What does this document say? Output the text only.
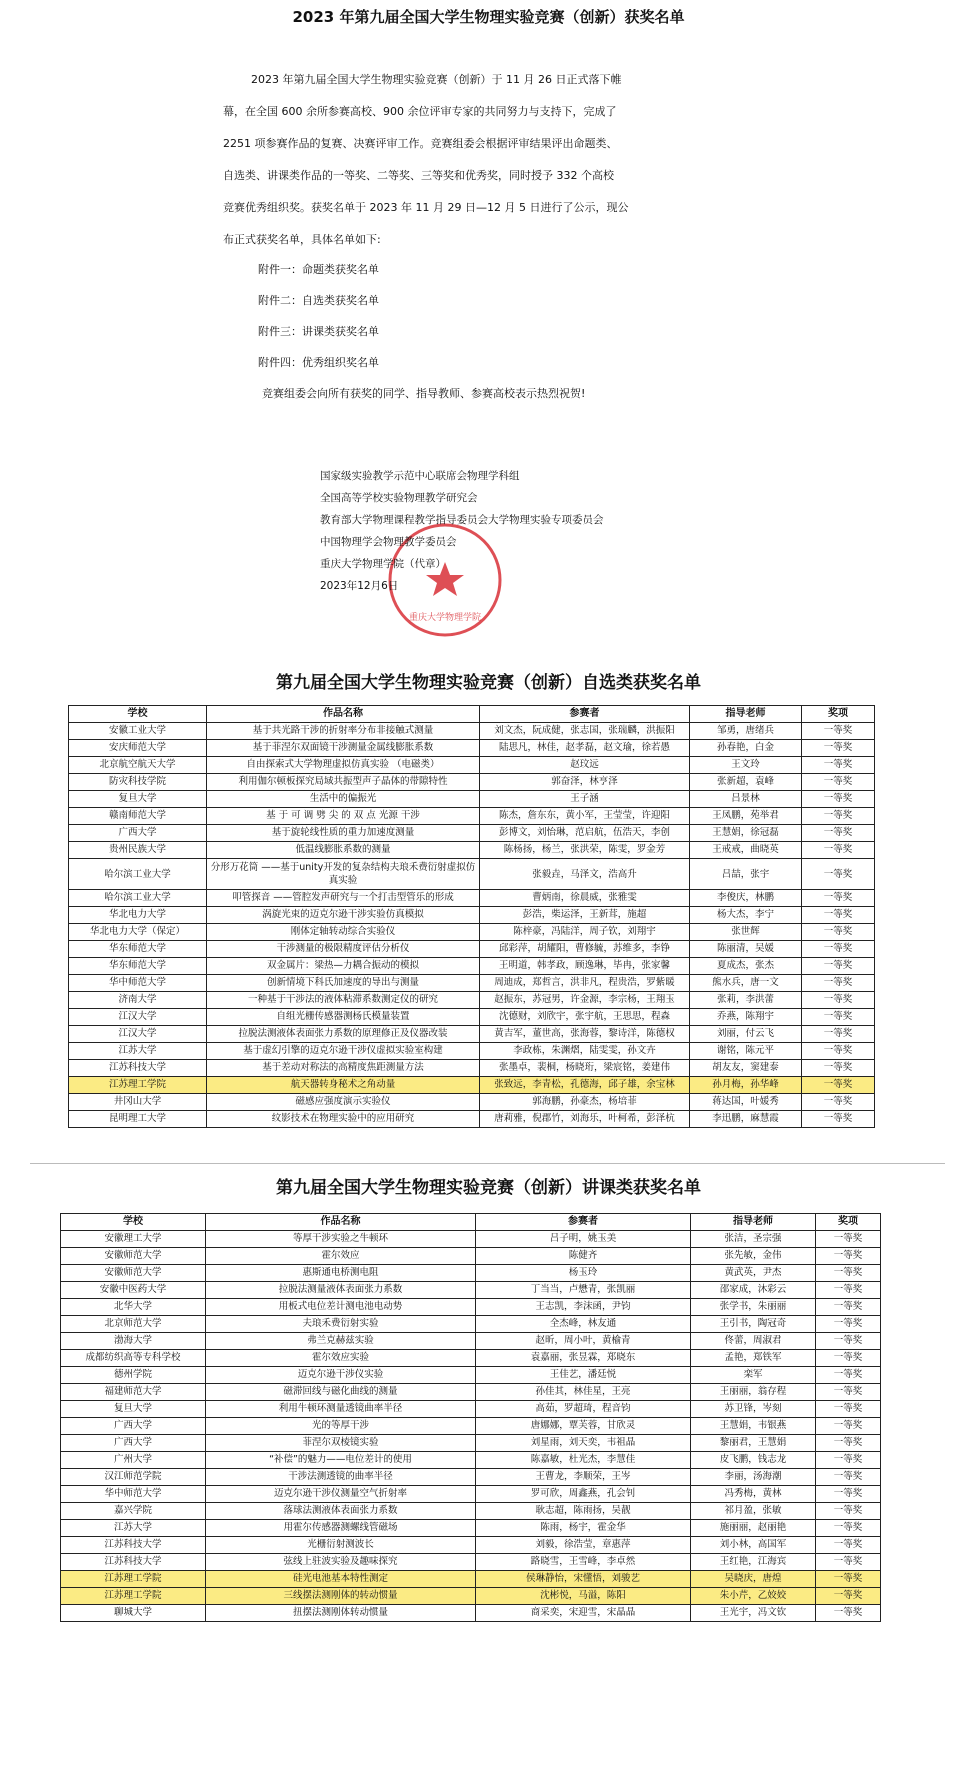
2023 年第九届全国大学生物理实验竞赛（创新）获奖名单

2023 年第九届全国大学生物理实验竞赛（创新）于 11 月 26 日正式落下帷

幕，在全国 600 余所参赛高校、900 余位评审专家的共同努力与支持下，完成了

2251 项参赛作品的复赛、决赛评审工作。竞赛组委会根据评审结果评出命题类、

自选类、讲课类作品的一等奖、二等奖、三等奖和优秀奖，同时授予 332 个高校

竞赛优秀组织奖。获奖名单于 2023 年 11 月 29 日—12 月 5 日进行了公示，现公

布正式获奖名单，具体名单如下:

附件一：命题类获奖名单
附件二：自选类获奖名单
附件三：讲课类获奖名单
附件四：优秀组织奖名单
竞赛组委会向所有获奖的同学、指导教师、参赛高校表示热烈祝贺!
重庆大学物理学院
国家级实验教学示范中心联席会物理学科组
全国高等学校实验物理教学研究会
教育部大学物理课程教学指导委员会大学物理实验专项委员会
中国物理学会物理教学委员会
重庆大学物理学院（代章）
2023年12月6日
第九届全国大学生物理实验竞赛（创新）自选类获奖名单
学校	作品名称	参赛者	指导老师	奖项
安徽工业大学	基于共光路干涉的折射率分布非接触式测量	刘文杰，阮成健，张志国，张瑞麟，洪振阳	邹勇，唐绪兵	一等奖
安庆师范大学	基于菲涅尔双面镜干涉测量金属线膨胀系数	陆思凡，林佳，赵孝磊，赵文瑜，徐若愚	孙春艳，白金	一等奖
北京航空航天大学	自由探索式大学物理虚拟仿真实验 （电磁类）	赵玟远	王文玲	一等奖
防灾科技学院	利用伽尔顿板探究局域共振型声子晶体的带隙特性	郭奋泽，林亨泽	张新超，袁峰	一等奖
复旦大学	生活中的偏振光	王子涵	吕景林	一等奖
赣南师范大学	基 于 可 调 劈 尖 的 双 点 光源 干涉	陈杰，詹东东，黄小军，王莹莹，许迎阳	王凤鹏，苑举君	一等奖
广西大学	基于旋轮线性质的重力加速度测量	彭博文，刘怡琳，范启航，伍浩天，李创	王慧娟，徐冠磊	一等奖
贵州民族大学	低温线膨胀系数的测量	陈杨扬，杨兰，张洪荣，陈雯，罗金芳	王戒戒，曲晓英	一等奖
哈尔滨工业大学	分形万花筒 ——基于unity开发的复杂结构夫琅禾费衍射虚拟仿真实验	张毅垚，马泽文，浩高升	吕喆，张宇	一等奖
哈尔滨工业大学	叩管探音 ——管腔发声研究与一个打击型管乐的形成	曹炳南，徐晨威，张雅雯	李俊庆，林鹏	一等奖
华北电力大学	涡旋光束的迈克尔逊干涉实验仿真模拟	彭浩，柴运泽，王新茸，施超	杨大杰，李宁	一等奖
华北电力大学（保定）	刚体定轴转动综合实验仪	陈梓豪，冯陆洋，周子钦，刘翔宇	张世辉	一等奖
华东师范大学	干涉测量的极限精度评估分析仪	邱彩萍，胡耀阳，曹修毓，苏维多，李铮	陈丽清，吴媛	一等奖
华东师范大学	双金属片：梁热—力耦合振动的模拟	王明道，韩孝政，顾逸琳，毕冉，张家馨	夏成杰，张杰	一等奖
华中师范大学	创新情境下科氏加速度的导出与测量	周迪成，郑哲言，洪非凡，程贵浩，罗紫暖	熊水兵，唐一文	一等奖
济南大学	一种基于干涉法的液体粘滞系数测定仪的研究	赵振东，苏冠男，许金源，李宗杨，王翔玉	张莉，李洪蕾	一等奖
江汉大学	自组光栅传感器测杨氏模量装置	沈德财，刘欣宇，张宇航，王思思，程森	乔燕，陈翔宇	一等奖
江汉大学	拉脱法测液体表面张力系数的原理修正及仪器改装	黄吉军，董世高，张海蓉，黎诗洋，陈德权	刘丽，付云飞	一等奖
江苏大学	基于虚幻引擎的迈克尔逊干涉仪虚拟实验室构建	李政栋，朱渊熠，陆雯雯，孙文卉	谢铭，陈元平	一等奖
江苏科技大学	基于差动对称法的高精度焦距测量方法	张墨卓，裴桐，杨晓珩，梁宸铭，姜建伟	胡友友，窦建泰	一等奖
江苏理工学院	航天器转身秘术之角动量	张致远，李青松，孔德海，邱子雄，余宝林	孙月梅，孙华峰	一等奖
井冈山大学	磁感应强度演示实验仪	郭海鹏，孙豪杰，杨培菲	蒋达国，叶媛秀	一等奖
昆明理工大学	纹影技术在物理实验中的应用研究	唐莉雅，倪郡竹，刘海乐，叶柯希，彭泽杭	李迅鹏，麻慧霞	一等奖
第九届全国大学生物理实验竞赛（创新）讲课类获奖名单
学校	作品名称	参赛者	指导老师	奖项
安徽理工大学	等厚干涉实验之牛顿环	吕子明，姚玉美	张洁，圣宗强	一等奖
安徽师范大学	霍尔效应	陈健齐	张先敏，金伟	一等奖
安徽师范大学	惠斯通电桥测电阻	杨玉玲	黄武英，尹杰	一等奖
安徽中医药大学	拉脱法测量液体表面张力系数	丁当当，卢懋青，张凯丽	邵家成，沐彩云	一等奖
北华大学	用板式电位差计测电池电动势	王志凯，李沫函，尹钧	张学书，朱丽丽	一等奖
北京师范大学	夫琅禾费衍射实验	全杰峰，林友通	王引书，陶冠奇	一等奖
渤海大学	弗兰克赫兹实验	赵昕，周小叶，黄榆青	佟蕾，周淑君	一等奖
成都纺织高等专科学校	霍尔效应实验	袁嘉丽，张昱霖，郑晓东	孟艳，郑铁军	一等奖
德州学院	迈克尔逊干涉仪实验	王佳艺，潘廷悦	栾军	一等奖
福建师范大学	磁滞回线与磁化曲线的测量	孙佳其，林佳星，王亮	王丽丽，翁存程	一等奖
复旦大学	利用牛顿环测量透镜曲率半径	高茹，罗超琦，程音钧	苏卫锋，岑刻	一等奖
广西大学	光的等厚干涉	唐娜娜，覃芙蓉，甘欣灵	王慧娟，韦银燕	一等奖
广西大学	菲涅尔双棱镜实验	刘星雨，刘天奕，韦祖晶	黎丽君，王慧娟	一等奖
广州大学	“补偿”的魅力——电位差计的使用	陈嘉敏，杜光杰，李慧佳	皮飞鹏，钱志龙	一等奖
汉江师范学院	干涉法测透镜的曲率半径	王曹龙，李顺荣，王岑	李丽，汤海潮	一等奖
华中师范大学	迈克尔逊干涉仪测量空气折射率	罗可欣，周鑫燕，孔会钊	冯秀梅，黄林	一等奖
嘉兴学院	落球法测液体表面张力系数	耿志超，陈雨扬，吴靓	祁月盈，张敏	一等奖
江苏大学	用霍尔传感器测螺线管磁场	陈雨，杨宇，霍金华	施丽丽，赵丽艳	一等奖
江苏科技大学	光栅衍射测波长	刘毅，徐浩莹，章惠萍	刘小林，高国军	一等奖
江苏科技大学	弦线上驻波实验及趣味探究	路晓雪，王雪峰，李卓然	王红艳，江海宾	一等奖
江苏理工学院	硅光电池基本特性测定	侯琳静怡，宋懂悟，刘骏艺	吴晓庆，唐煌	一等奖
江苏理工学院	三线摆法测刚体的转动惯量	沈彬悦，马溢，陈阳	朱小芹，乙姣姣	一等奖
聊城大学	扭摆法测刚体转动惯量	商采奕，宋迎雪，宋晶晶	王光宇，冯文钦	一等奖
